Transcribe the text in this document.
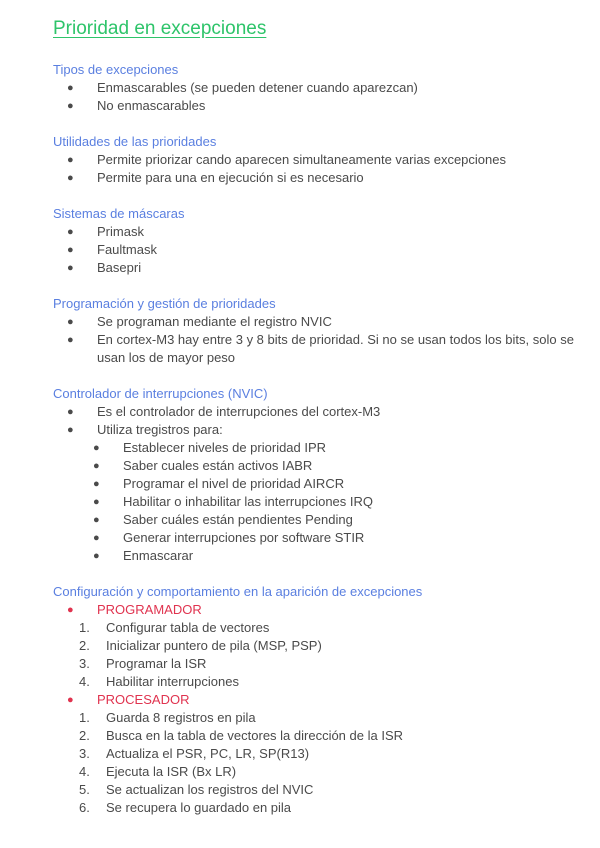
Prioridad en excepciones

Tipos de excepciones

● Enmascarables (se pueden detener cuando aparezcan)
● No enmascarables

Utilidades de las prioridades

● Permite priorizar cando aparecen simultaneamente varias excepciones
● Permite para una en ejecución si es necesario

Sistemas de máscaras

● Primask
● Faultmask
● Basepri

Programación y gestión de prioridades

● Se programan mediante el registro NVIC
● En cortex-M3 hay entre 3 y 8 bits de prioridad. Si no se usan todos los bits, solo se usan los de mayor peso

Controlador de interrupciones (NVIC)

● Es el controlador de interrupciones del cortex-M3
● Utiliza tregistros para:
● Establecer niveles de prioridad IPR
● Saber cuales están activos IABR
● Programar el nivel de prioridad AIRCR
● Habilitar o inhabilitar las interrupciones IRQ
● Saber cuáles están pendientes Pending
● Generar interrupciones por software STIR
● Enmascarar

Configuración y comportamiento en la aparición de excepciones

● PROGRAMADOR
1. Configurar tabla de vectores
2. Inicializar puntero de pila (MSP, PSP)
3. Programar la ISR
4. Habilitar interrupciones
● PROCESADOR
1. Guarda 8 registros en pila
2. Busca en la tabla de vectores la dirección de la ISR
3. Actualiza el PSR, PC, LR, SP(R13)
4. Ejecuta la ISR (Bx LR)
5. Se actualizan los registros del NVIC
6. Se recupera lo guardado en pila
